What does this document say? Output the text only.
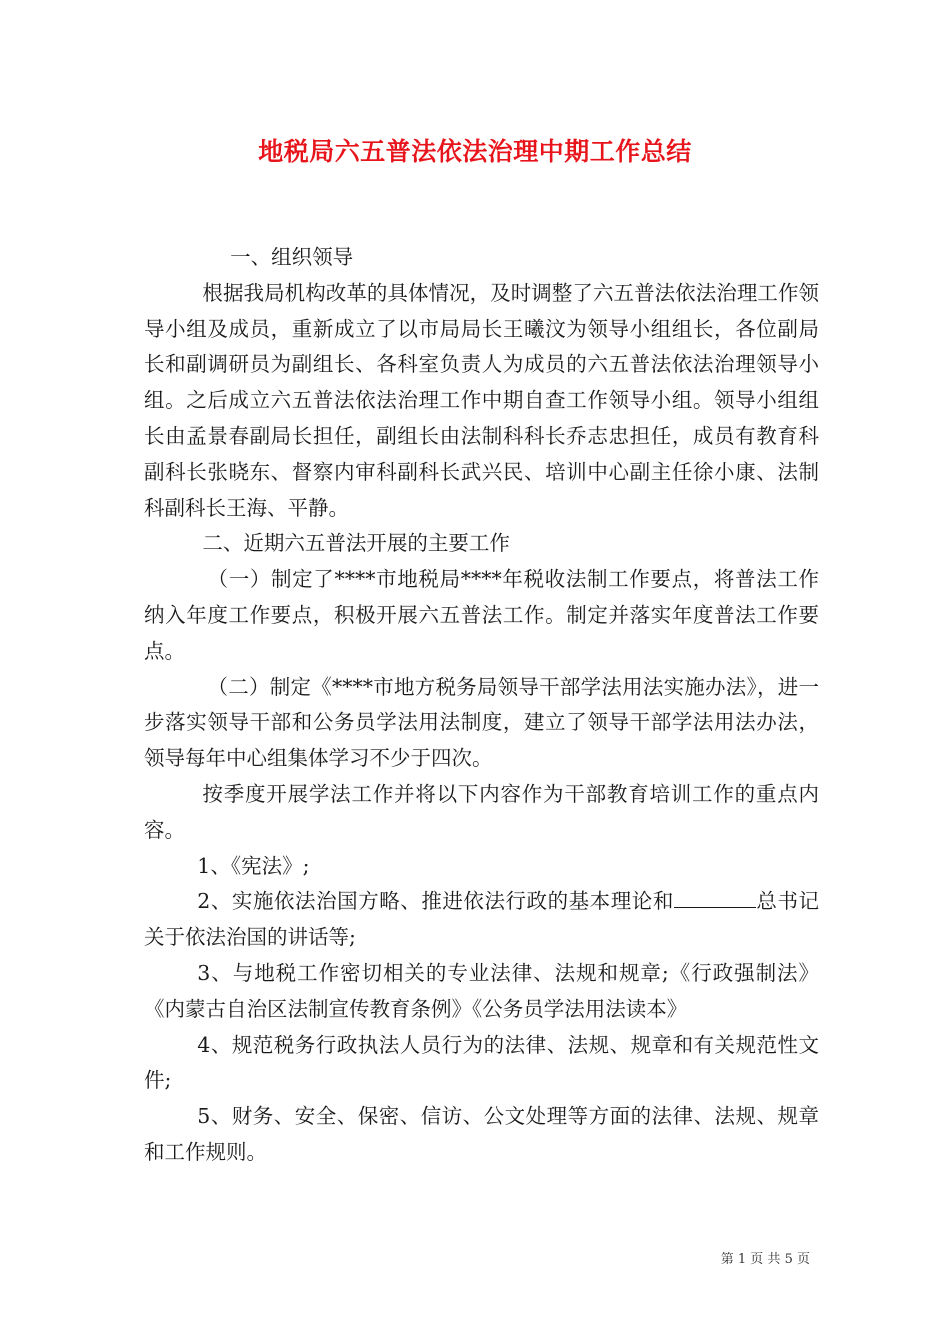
地税局六五普法依法治理中期工作总结

一、组织领导

根据我局机构改革的具体情况，及时调整了六五普法依法治理工作领导小组及成员，重新成立了以市局局长王曦汶为领导小组组长，各位副局长和副调研员为副组长、各科室负责人为成员的六五普法依法治理领导小组。之后成立六五普法依法治理工作中期自查工作领导小组。领导小组组长由孟景春副局长担任，副组长由法制科科长乔志忠担任，成员有教育科副科长张晓东、督察内审科副科长武兴民、培训中心副主任徐小康、法制科副科长王海、平静。

二、近期六五普法开展的主要工作

（一）制定了****市地税局****年税收法制工作要点，将普法工作纳入年度工作要点，积极开展六五普法工作。制定并落实年度普法工作要点。

（二）制定《****市地方税务局领导干部学法用法实施办法》，进一步落实领导干部和公务员学法用法制度，建立了领导干部学法用法办法，领导每年中心组集体学习不少于四次。

按季度开展学法工作并将以下内容作为干部教育培训工作的重点内容。

1、《宪法》;

2、实施依法治国方略、推进依法行政的基本理论和	总书记关于依法治国的讲话等;

3、与地税工作密切相关的专业法律、法规和规章;《行政强制法》《内蒙古自治区法制宣传教育条例》《公务员学法用法读本》

4、规范税务行政执法人员行为的法律、法规、规章和有关规范性文件;

5、财务、安全、保密、信访、公文处理等方面的法律、法规、规章和工作规则。

第 1 页 共 5 页
